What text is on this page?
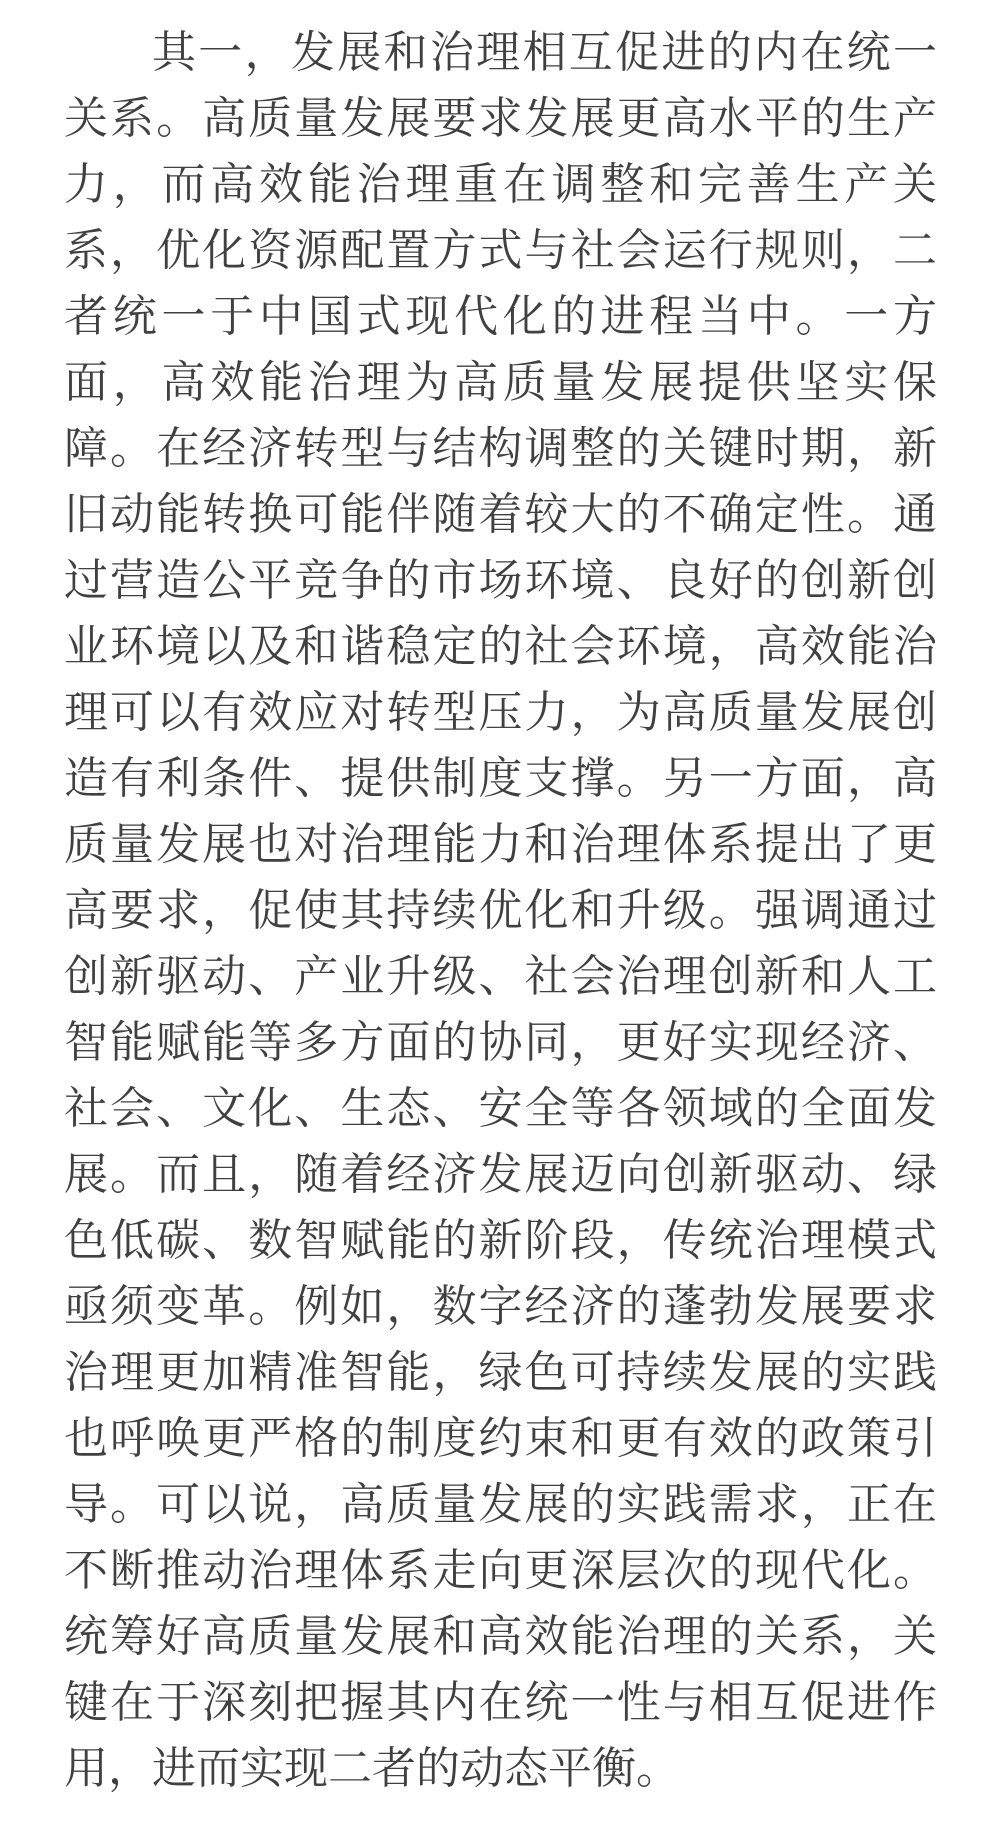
其一，发展和治理相互促进的内在统一
关系。高质量发展要求发展更高水平的生产
力，而高效能治理重在调整和完善生产关
系，优化资源配置方式与社会运行规则，二
者统一于中国式现代化的进程当中。一方
面，高效能治理为高质量发展提供坚实保
障。在经济转型与结构调整的关键时期，新
旧动能转换可能伴随着较大的不确定性。通
过营造公平竞争的市场环境、良好的创新创
业环境以及和谐稳定的社会环境，高效能治
理可以有效应对转型压力，为高质量发展创
造有利条件、提供制度支撑。另一方面，高
质量发展也对治理能力和治理体系提出了更
高要求，促使其持续优化和升级。强调通过
创新驱动、产业升级、社会治理创新和人工
智能赋能等多方面的协同，更好实现经济、
社会、文化、生态、安全等各领域的全面发
展。而且，随着经济发展迈向创新驱动、绿
色低碳、数智赋能的新阶段，传统治理模式
亟须变革。例如，数字经济的蓬勃发展要求
治理更加精准智能，绿色可持续发展的实践
也呼唤更严格的制度约束和更有效的政策引
导。可以说，高质量发展的实践需求，正在
不断推动治理体系走向更深层次的现代化。
统筹好高质量发展和高效能治理的关系，关
键在于深刻把握其内在统一性与相互促进作
用，进而实现二者的动态平衡。
